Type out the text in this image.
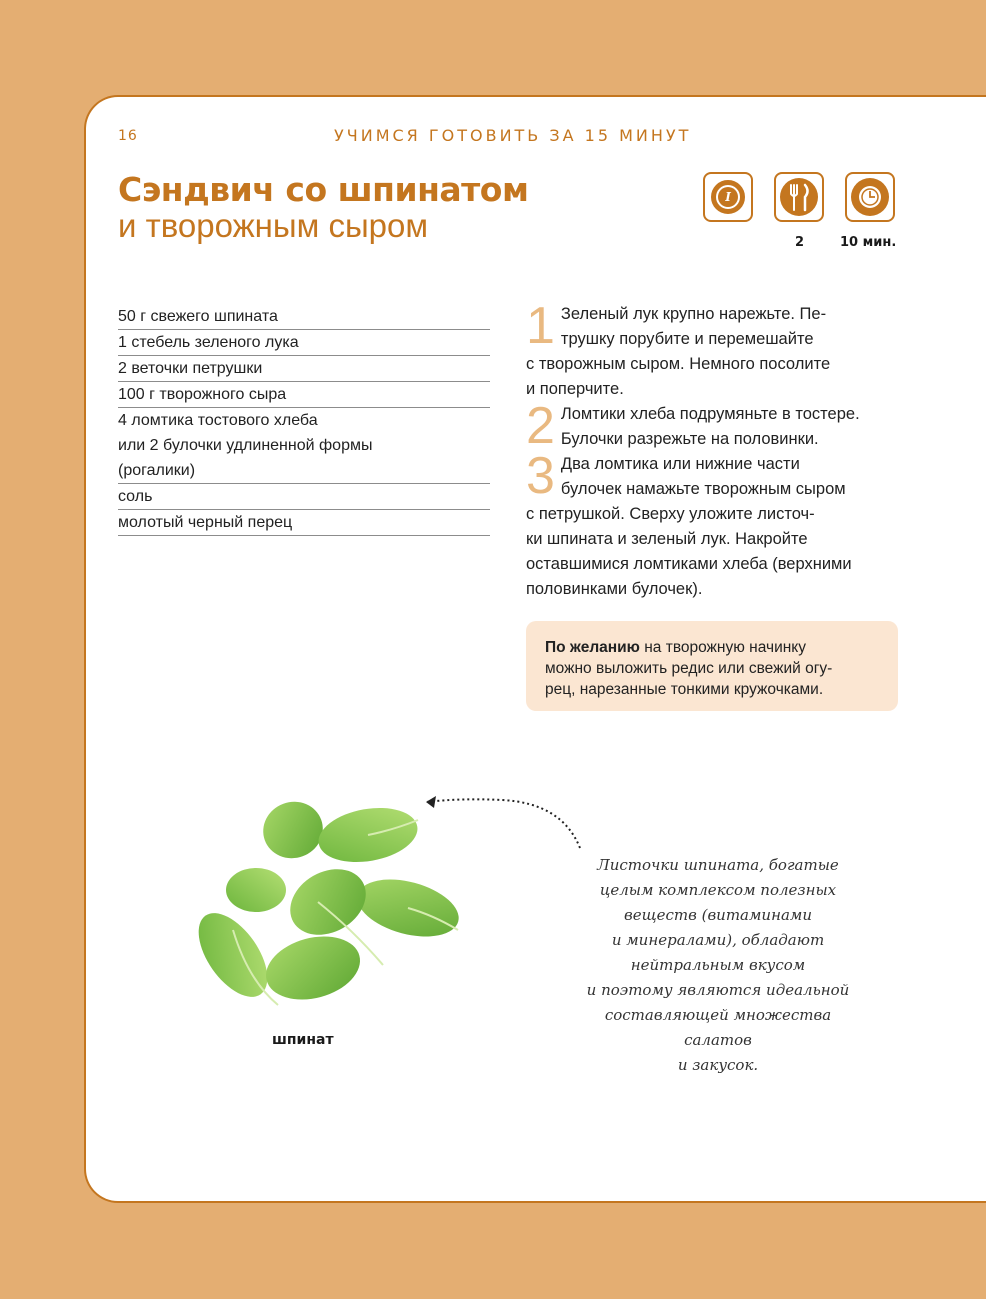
16	УЧИМСЯ ГОТОВИТЬ ЗА 15 МИНУТ
Сэндвич со шпинатом
и творожным сыром
I
2	10 мин.
50 г свежего шпината
1 стебель зеленого лука
2 веточки петрушки
100 г творожного сыра
4 ломтика тостового хлеба
или 2 булочки удлиненной формы
(рогалики)
соль
молотый черный перец
1 Зеленый лук крупно нарежьте. Пе-
трушку порубите и перемешайте
с творожным сыром. Немного посолите
и поперчите.
2 Ломтики хлеба подрумяньте в тостере.
Булочки разрежьте на половинки.
3 Два ломтика или нижние части
булочек намажьте творожным сыром
с петрушкой. Сверху уложите листоч-
ки шпината и зеленый лук. Накройте
оставшимися ломтиками хлеба (верхними
половинками булочек).
По желанию на творожную начинку
можно выложить редис или свежий огу-
рец, нарезанные тонкими кружочками.
Листочки шпината, богатые
целым комплексом полезных
веществ (витаминами
и минералами), обладают
нейтральным вкусом
и поэтому являются идеальной
составляющей множества салатов
и закусок.
шпинат
